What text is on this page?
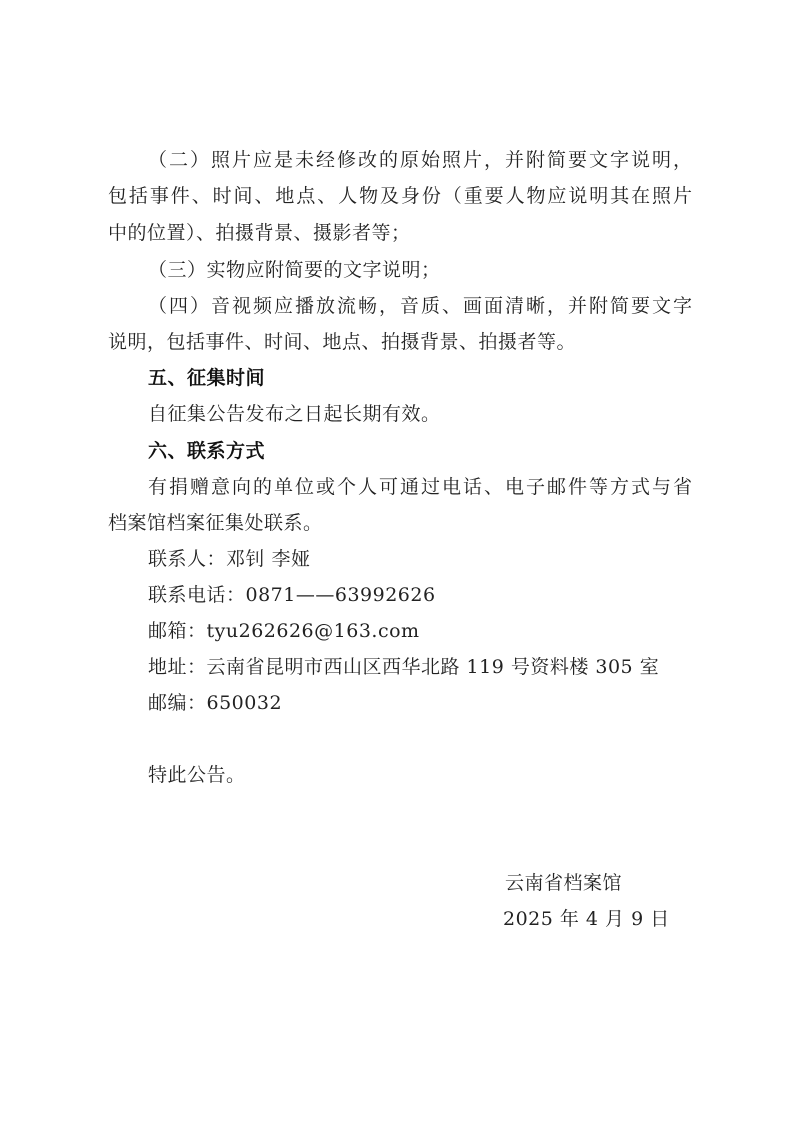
（二）照片应是未经修改的原始照片，并附简要文字说明，
包括事件、时间、地点、人物及身份（重要人物应说明其在照片
中的位置）、拍摄背景、摄影者等；
（三）实物应附简要的文字说明；
（四）音视频应播放流畅，音质、画面清晰，并附简要文字
说明，包括事件、时间、地点、拍摄背景、拍摄者等。
五、征集时间
自征集公告发布之日起长期有效。
六、联系方式
有捐赠意向的单位或个人可通过电话、电子邮件等方式与省
档案馆档案征集处联系。
联系人：邓钊 李娅
联系电话：0871——63992626
邮箱：tyu262626@163.com
地址：云南省昆明市西山区西华北路 119 号资料楼 305 室
邮编：650032
特此公告。
云南省档案馆
2025 年 4 月 9 日
